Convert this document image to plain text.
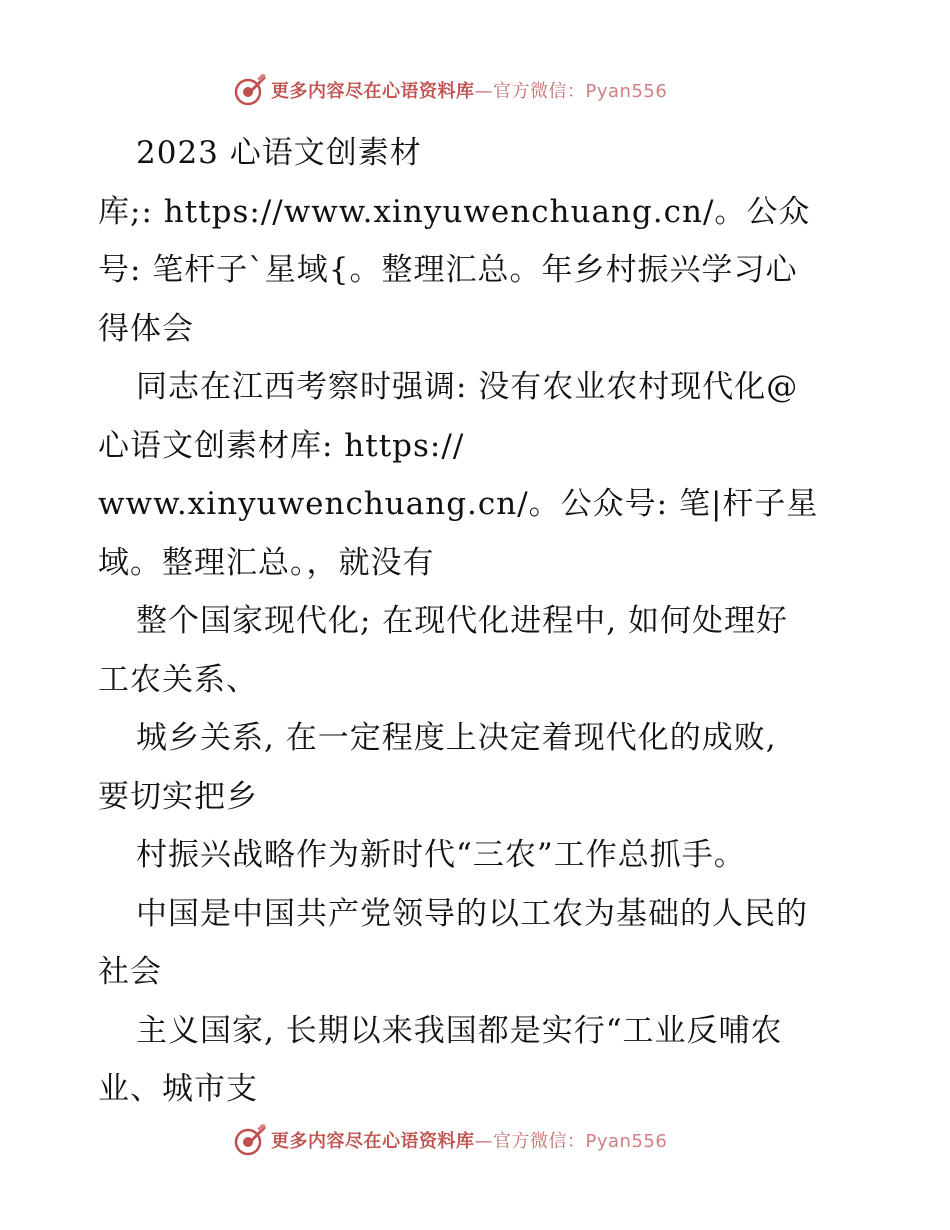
更多内容尽在心语资料库—官方微信：Pyan556
2023 心语文创素材
库;: https://www.xinyuwenchuang.cn/。公众
号: 笔杆子`星域{。整理汇总。年乡村振兴学习心
得体会
同志在江西考察时强调: 没有农业农村现代化@
心语文创素材库: https://
www.xinyuwenchuang.cn/。公众号: 笔|杆子星
域。整理汇总。，就没有
整个国家现代化; 在现代化进程中, 如何处理好
工农关系、
城乡关系, 在一定程度上决定着现代化的成败,
要切实把乡
村振兴战略作为新时代“三农”工作总抓手。
中国是中国共产党领导的以工农为基础的人民的
社会
主义国家, 长期以来我国都是实行“工业反哺农
业、城市支
更多内容尽在心语资料库—官方微信：Pyan556
